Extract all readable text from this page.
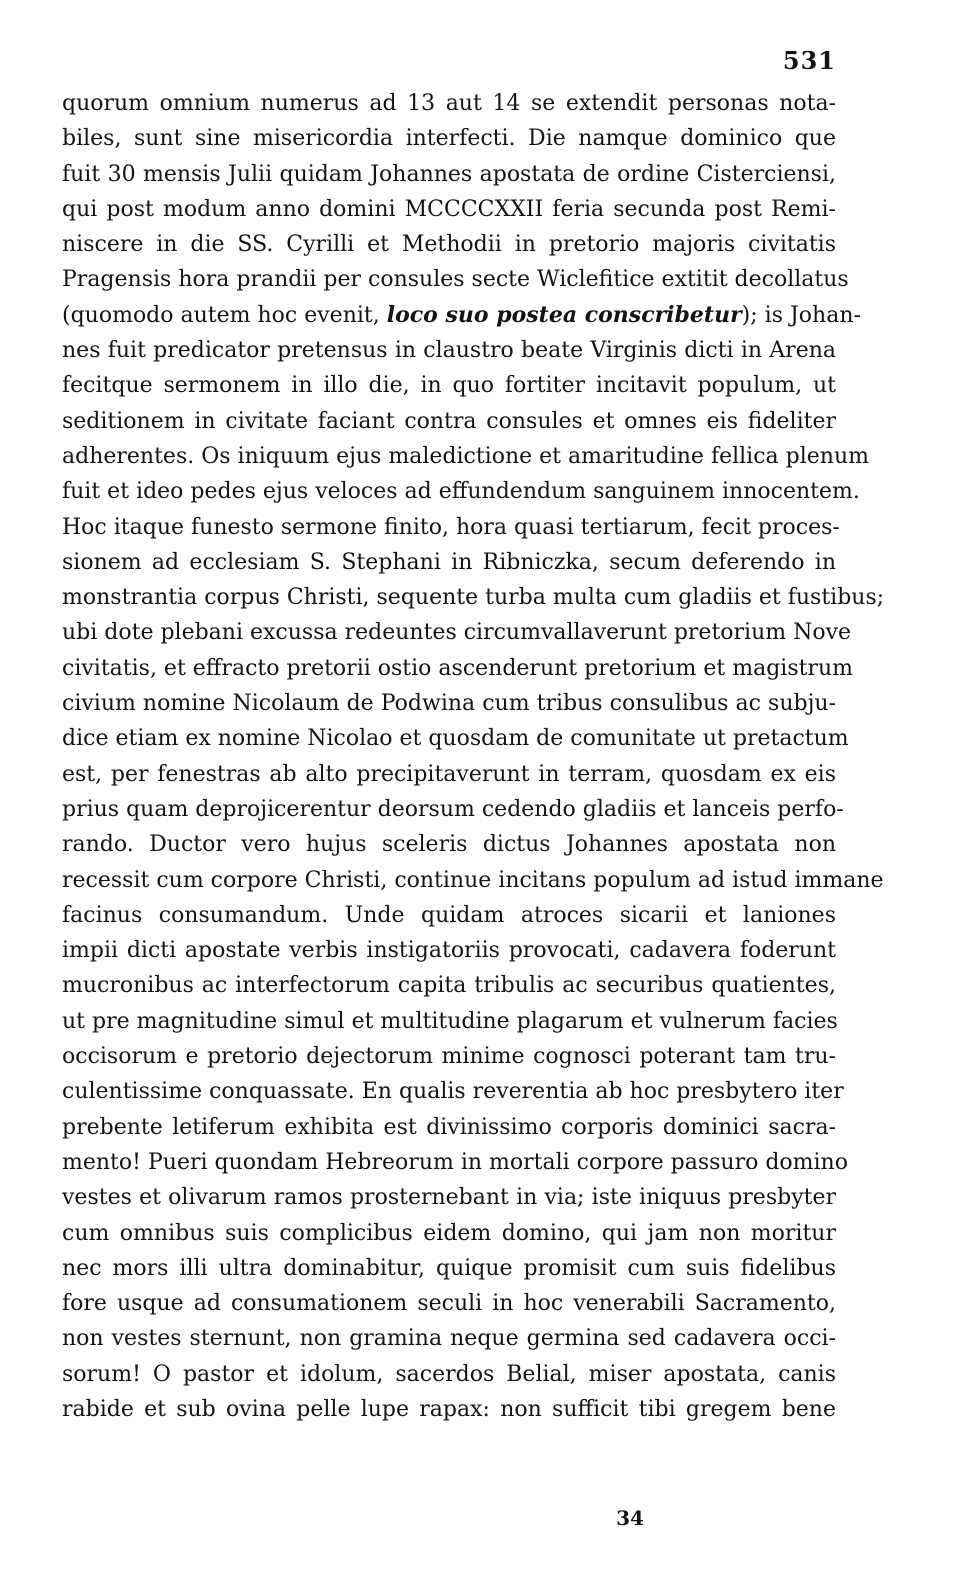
531
quorum omnium numerus ad 13 aut 14 se extendit personas nota-
biles, sunt sine misericordia interfecti. Die namque dominico que
fuit 30 mensis Julii quidam Johannes apostata de ordine Cisterciensi,
qui post modum anno domini MCCCCXXII feria secunda post Remi-
niscere in die SS. Cyrilli et Methodii in pretorio majoris civitatis
Pragensis hora prandii per consules secte Wiclefitice extitit decollatus
(quomodo autem hoc evenit, loco suo postea conscribetur); is Johan-
nes fuit predicator pretensus in claustro beate Virginis dicti in Arena
fecitque sermonem in illo die, in quo fortiter incitavit populum, ut
seditionem in civitate faciant contra consules et omnes eis fideliter
adherentes. Os iniquum ejus maledictione et amaritudine fellica plenum
fuit et ideo pedes ejus veloces ad effundendum sanguinem innocentem.
Hoc itaque funesto sermone finito, hora quasi tertiarum, fecit proces-
sionem ad ecclesiam S. Stephani in Ribniczka, secum deferendo in
monstrantia corpus Christi, sequente turba multa cum gladiis et fustibus;
ubi dote plebani excussa redeuntes circumvallaverunt pretorium Nove
civitatis, et effracto pretorii ostio ascenderunt pretorium et magistrum
civium nomine Nicolaum de Podwina cum tribus consulibus ac subju-
dice etiam ex nomine Nicolao et quosdam de comunitate ut pretactum
est, per fenestras ab alto precipitaverunt in terram, quosdam ex eis
prius quam deprojicerentur deorsum cedendo gladiis et lanceis perfo-
rando. Ductor vero hujus sceleris dictus Johannes apostata non
recessit cum corpore Christi, continue incitans populum ad istud immane
facinus consumandum. Unde quidam atroces sicarii et laniones
impii dicti apostate verbis instigatoriis provocati, cadavera foderunt
mucronibus ac interfectorum capita tribulis ac securibus quatientes,
ut pre magnitudine simul et multitudine plagarum et vulnerum facies
occisorum e pretorio dejectorum minime cognosci poterant tam tru-
culentissime conquassate. En qualis reverentia ab hoc presbytero iter
prebente letiferum exhibita est divinissimo corporis dominici sacra-
mento! Pueri quondam Hebreorum in mortali corpore passuro domino
vestes et olivarum ramos prosternebant in via; iste iniquus presbyter
cum omnibus suis complicibus eidem domino, qui jam non moritur
nec mors illi ultra dominabitur, quique promisit cum suis fidelibus
fore usque ad consumationem seculi in hoc venerabili Sacramento,
non vestes sternunt, non gramina neque germina sed cadavera occi-
sorum! O pastor et idolum, sacerdos Belial, miser apostata, canis
rabide et sub ovina pelle lupe rapax: non sufficit tibi gregem bene
34
